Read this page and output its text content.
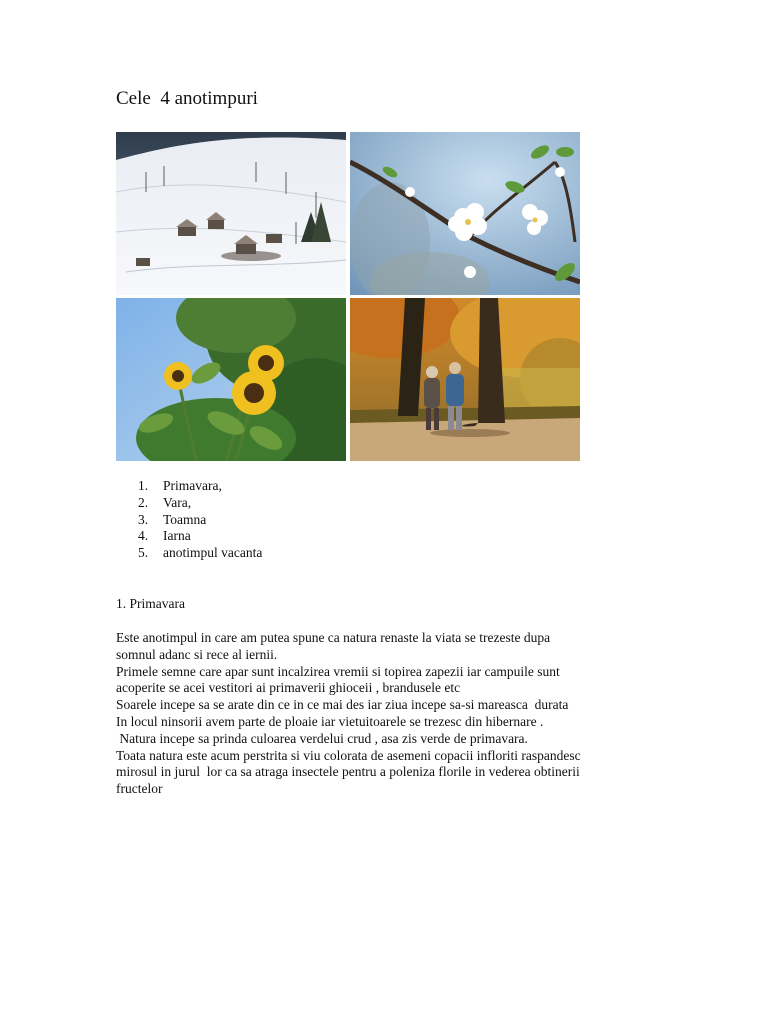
Cele  4 anotimpuri
1. Primavara,
2. Vara,
3. Toamna
4. Iarna
5. anotimpul vacanta
1. Primavara
Este anotimpul in care am putea spune ca natura renaste la viata se trezeste dupa
somnul adanc si rece al iernii.
Primele semne care apar sunt incalzirea vremii si topirea zapezii iar campuile sunt
acoperite se acei vestitori ai primaverii ghioceii , brandusele etc
Soarele incepe sa se arate din ce in ce mai des iar ziua incepe sa-si mareasca  durata
In locul ninsorii avem parte de ploaie iar vietuitoarele se trezesc din hibernare .
Natura incepe sa prinda culoarea verdelui crud , asa zis verde de primavara.
Toata natura este acum perstrita si viu colorata de asemeni copacii infloriti raspandesc
mirosul in jurul  lor ca sa atraga insectele pentru a poleniza florile in vederea obtinerii
fructelor
